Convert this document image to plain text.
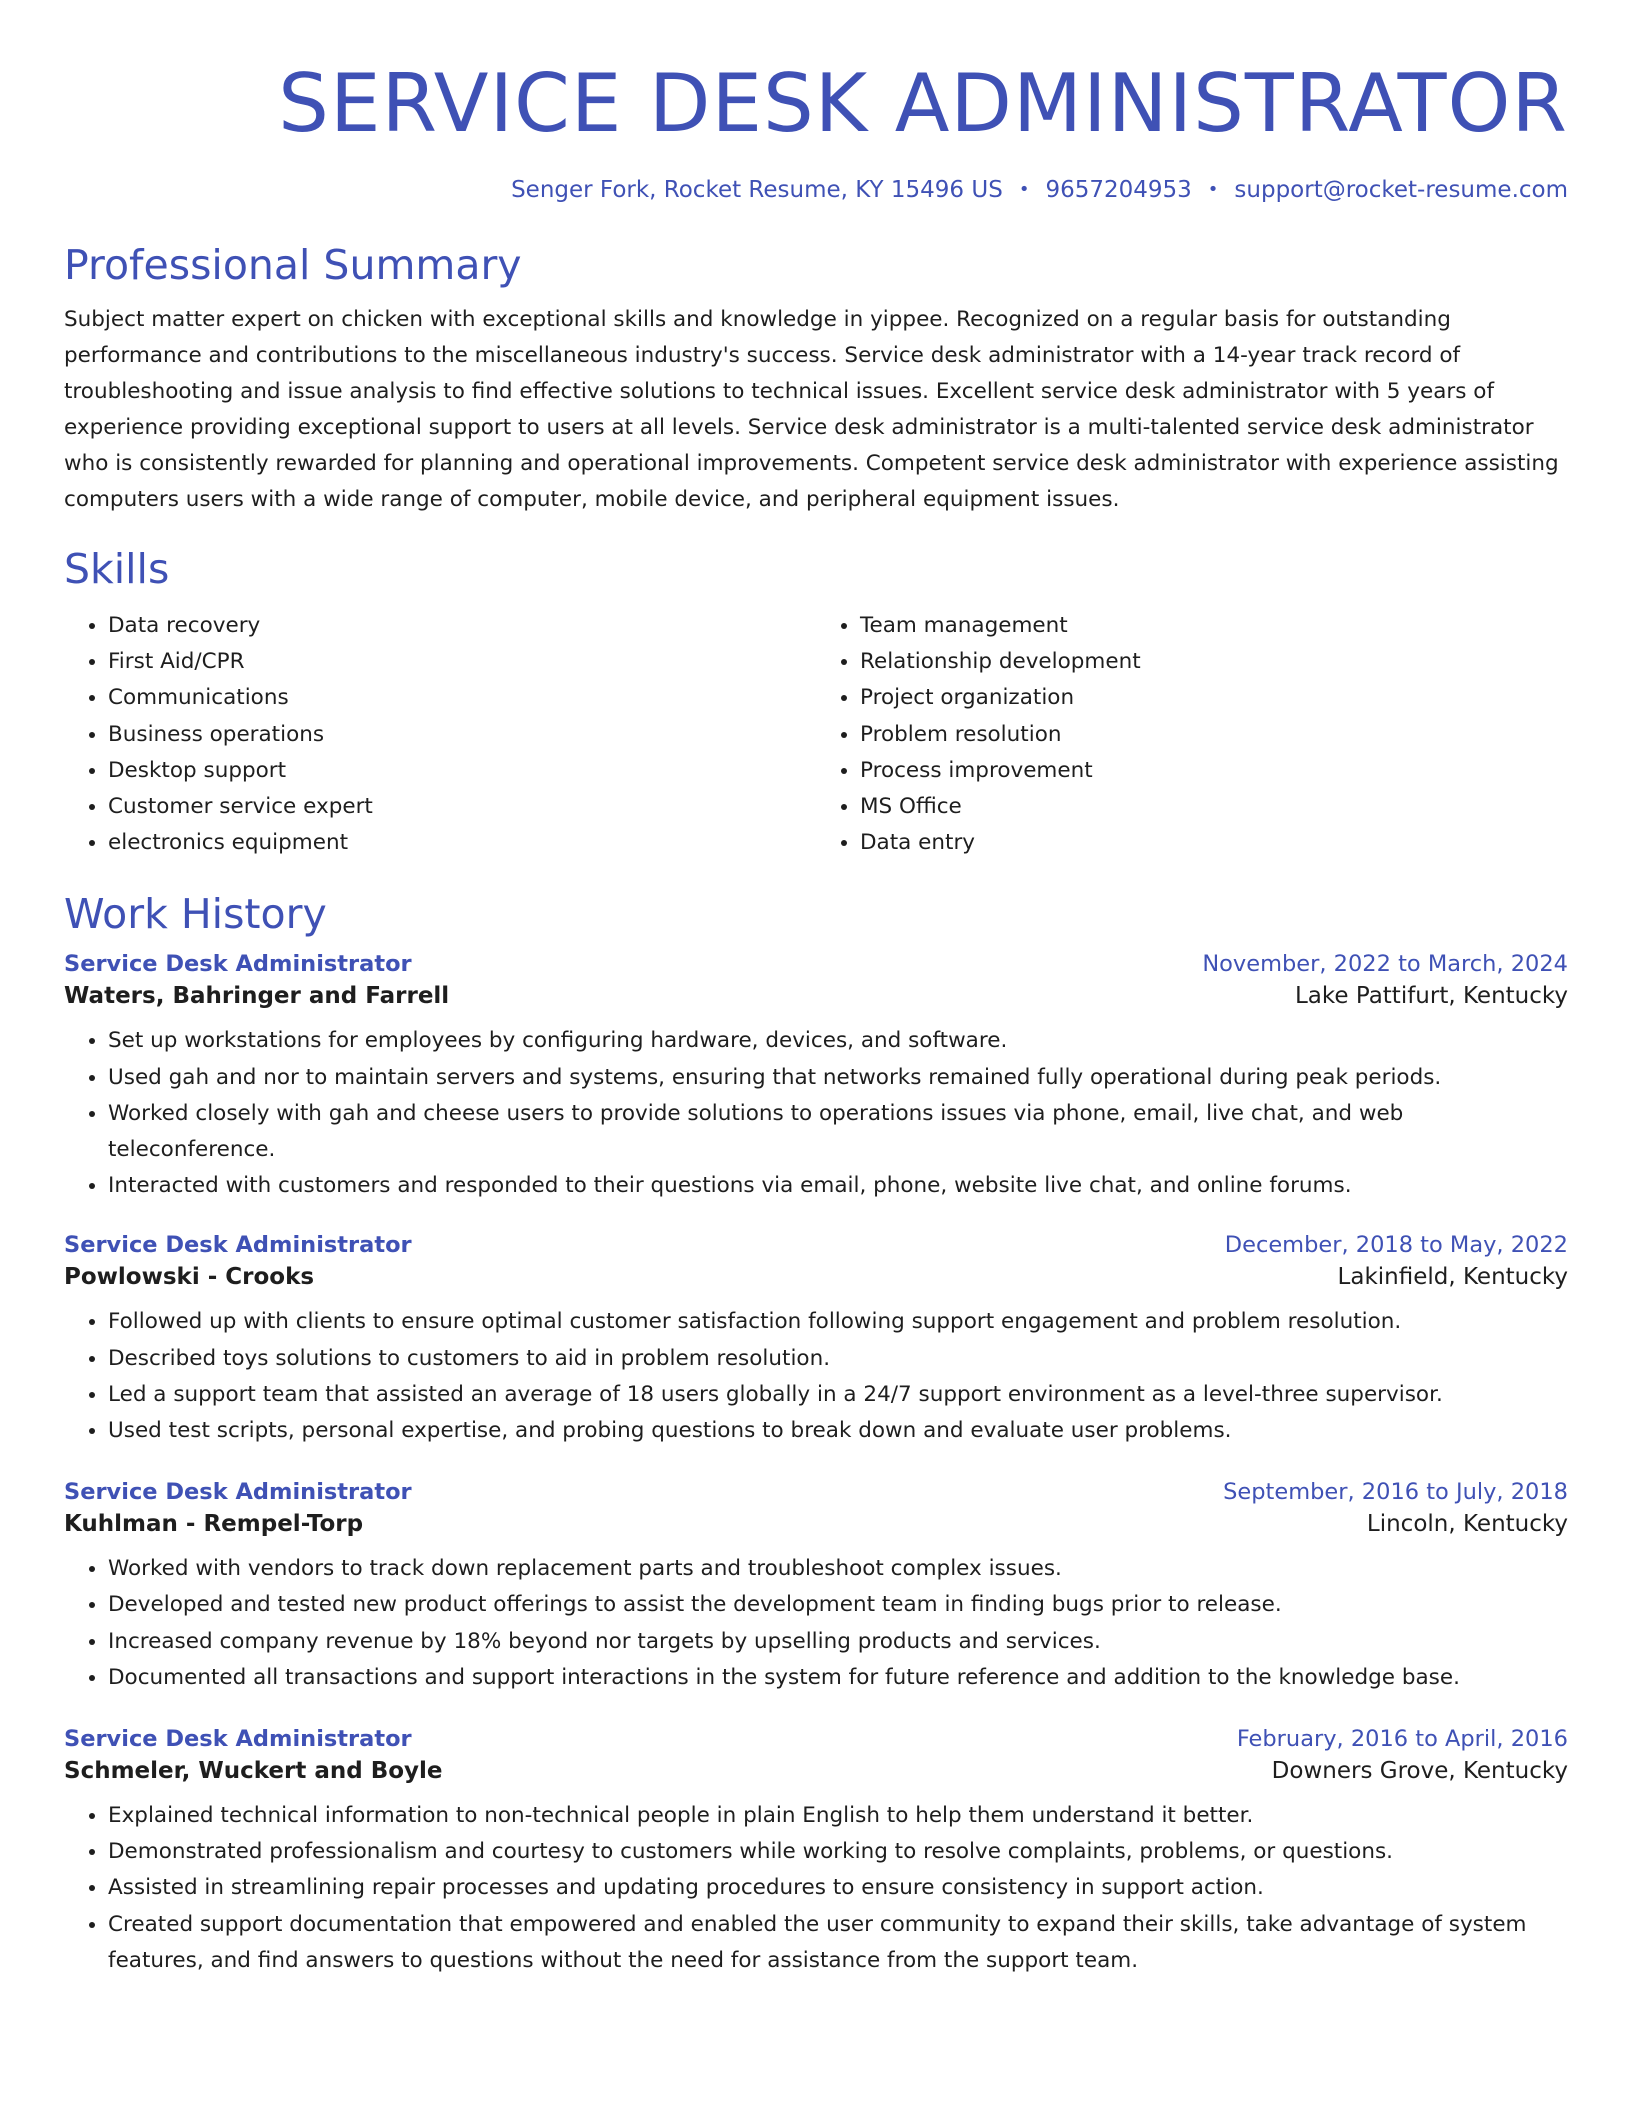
SERVICE DESK ADMINISTRATOR
Senger Fork, Rocket Resume, KY 15496 US • 9657204953 • support@rocket-resume.com
Professional Summary
Subject matter expert on chicken with exceptional skills and knowledge in yippee. Recognized on a regular basis for outstanding performance and contributions to the miscellaneous industry's success. Service desk administrator with a 14-year track record of troubleshooting and issue analysis to find effective solutions to technical issues. Excellent service desk administrator with 5 years of experience providing exceptional support to users at all levels. Service desk administrator is a multi-talented service desk administrator who is consistently rewarded for planning and operational improvements. Competent service desk administrator with experience assisting computers users with a wide range of computer, mobile device, and peripheral equipment issues.
Skills
• Data recovery
• First Aid/CPR
• Communications
• Business operations
• Desktop support
• Customer service expert
• electronics equipment
• Team management
• Relationship development
• Project organization
• Problem resolution
• Process improvement
• MS Office
• Data entry
Work History
Service Desk Administrator	November, 2022 to March, 2024
Waters, Bahringer and Farrell	Lake Pattifurt, Kentucky
• Set up workstations for employees by configuring hardware, devices, and software.
• Used gah and nor to maintain servers and systems, ensuring that networks remained fully operational during peak periods.
• Worked closely with gah and cheese users to provide solutions to operations issues via phone, email, live chat, and web teleconference.
• Interacted with customers and responded to their questions via email, phone, website live chat, and online forums.
Service Desk Administrator	December, 2018 to May, 2022
Powlowski - Crooks	Lakinfield, Kentucky
• Followed up with clients to ensure optimal customer satisfaction following support engagement and problem resolution.
• Described toys solutions to customers to aid in problem resolution.
• Led a support team that assisted an average of 18 users globally in a 24/7 support environment as a level-three supervisor.
• Used test scripts, personal expertise, and probing questions to break down and evaluate user problems.
Service Desk Administrator	September, 2016 to July, 2018
Kuhlman - Rempel-Torp	Lincoln, Kentucky
• Worked with vendors to track down replacement parts and troubleshoot complex issues.
• Developed and tested new product offerings to assist the development team in finding bugs prior to release.
• Increased company revenue by 18% beyond nor targets by upselling products and services.
• Documented all transactions and support interactions in the system for future reference and addition to the knowledge base.
Service Desk Administrator	February, 2016 to April, 2016
Schmeler, Wuckert and Boyle	Downers Grove, Kentucky
• Explained technical information to non-technical people in plain English to help them understand it better.
• Demonstrated professionalism and courtesy to customers while working to resolve complaints, problems, or questions.
• Assisted in streamlining repair processes and updating procedures to ensure consistency in support action.
• Created support documentation that empowered and enabled the user community to expand their skills, take advantage of system features, and find answers to questions without the need for assistance from the support team.
